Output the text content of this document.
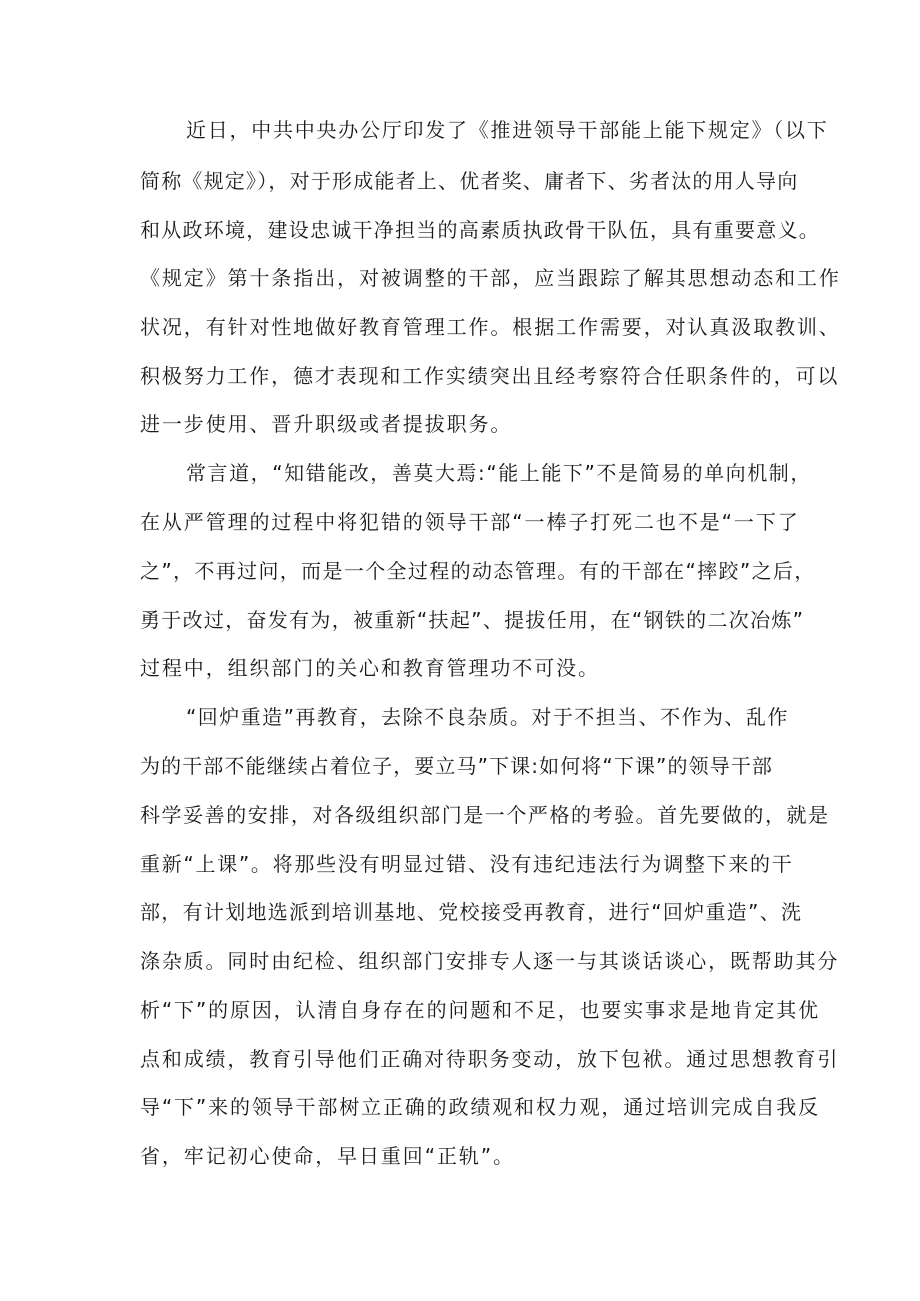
近日，中共中央办公厅印发了《推进领导干部能上能下规定》（以下
简称《规定》），对于形成能者上、优者奖、庸者下、劣者汰的用人导向
和从政环境，建设忠诚干净担当的高素质执政骨干队伍，具有重要意义。
《规定》第十条指出，对被调整的干部，应当跟踪了解其思想动态和工作
状况，有针对性地做好教育管理工作。根据工作需要，对认真汲取教训、
积极努力工作，德才表现和工作实绩突出且经考察符合任职条件的，可以
进一步使用、晋升职级或者提拔职务。
常言道，“知错能改，善莫大焉:“能上能下”不是简易的单向机制，
在从严管理的过程中将犯错的领导干部“一棒子打死二也不是“一下了
之”，不再过问，而是一个全过程的动态管理。有的干部在“摔跤”之后，
勇于改过，奋发有为，被重新“扶起”、提拔任用，在“钢铁的二次冶炼”
过程中，组织部门的关心和教育管理功不可没。
“回炉重造”再教育，去除不良杂质。对于不担当、不作为、乱作
为的干部不能继续占着位子，要立马”下课:如何将“下课”的领导干部
科学妥善的安排，对各级组织部门是一个严格的考验。首先要做的，就是
重新“上课”。将那些没有明显过错、没有违纪违法行为调整下来的干
部，有计划地选派到培训基地、党校接受再教育，进行“回炉重造”、洗
涤杂质。同时由纪检、组织部门安排专人逐一与其谈话谈心，既帮助其分
析“下”的原因，认清自身存在的问题和不足，也要实事求是地肯定其优
点和成绩，教育引导他们正确对待职务变动，放下包袱。通过思想教育引
导“下”来的领导干部树立正确的政绩观和权力观，通过培训完成自我反
省，牢记初心使命，早日重回“正轨”。
